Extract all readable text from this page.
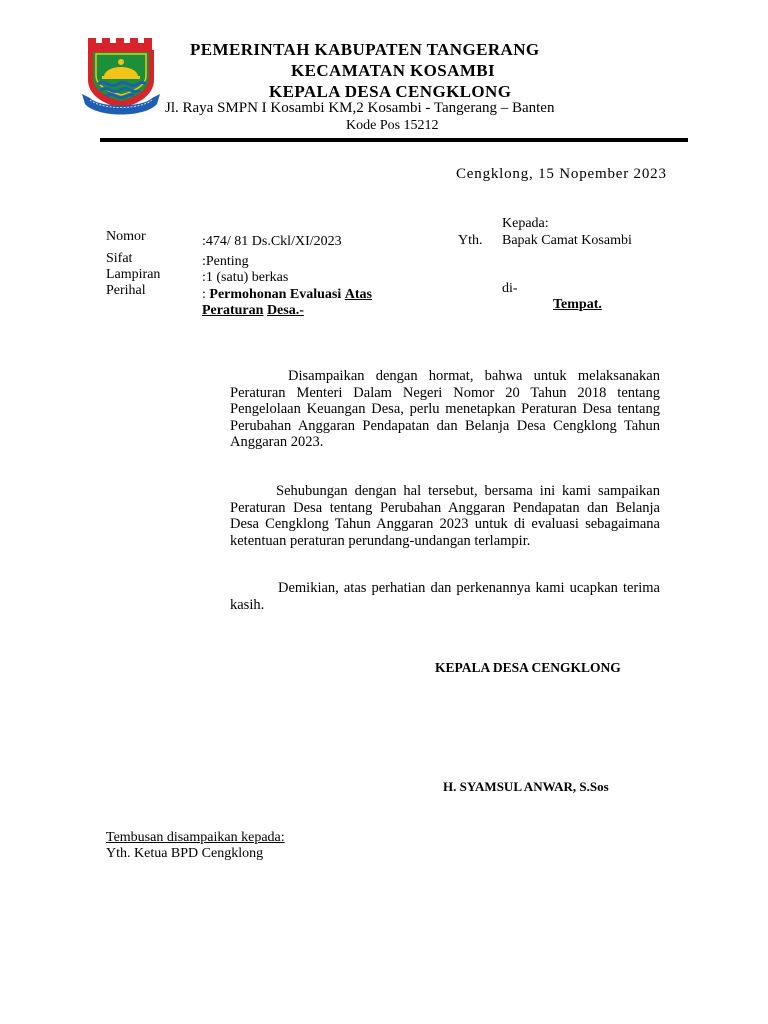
PEMERINTAH KABUPATEN TANGERANG
KECAMATAN KOSAMBI
KEPALA DESA CENGKLONG
Jl. Raya SMPN I Kosambi KM,2 Kosambi - Tangerang – Banten
Kode Pos 15212
Cengklong, 15 Nopember 2023
Nomor
Sifat
Lampiran
Perihal
:474/ 81 Ds.Ckl/XI/2023
:Penting
:1 (satu) berkas
: Permohonan Evaluasi Atas
Peraturan Desa.-
Kepada:
Yth. Bapak Camat Kosambi
di-
Tempat.
Disampaikan dengan hormat, bahwa untuk melaksanakan Peraturan Menteri Dalam Negeri Nomor 20 Tahun 2018 tentang Pengelolaan Keuangan Desa, perlu menetapkan Peraturan Desa tentang Perubahan Anggaran Pendapatan dan Belanja Desa Cengklong Tahun Anggaran 2023.
Sehubungan dengan hal tersebut, bersama ini kami sampaikan Peraturan Desa tentang Perubahan Anggaran Pendapatan dan Belanja Desa Cengklong Tahun Anggaran 2023 untuk di evaluasi sebagaimana ketentuan peraturan perundang-undangan terlampir.
Demikian, atas perhatian dan perkenannya kami ucapkan terima kasih.
KEPALA DESA CENGKLONG
H. SYAMSUL ANWAR, S.Sos
Tembusan disampaikan kepada:
Yth. Ketua BPD Cengklong
